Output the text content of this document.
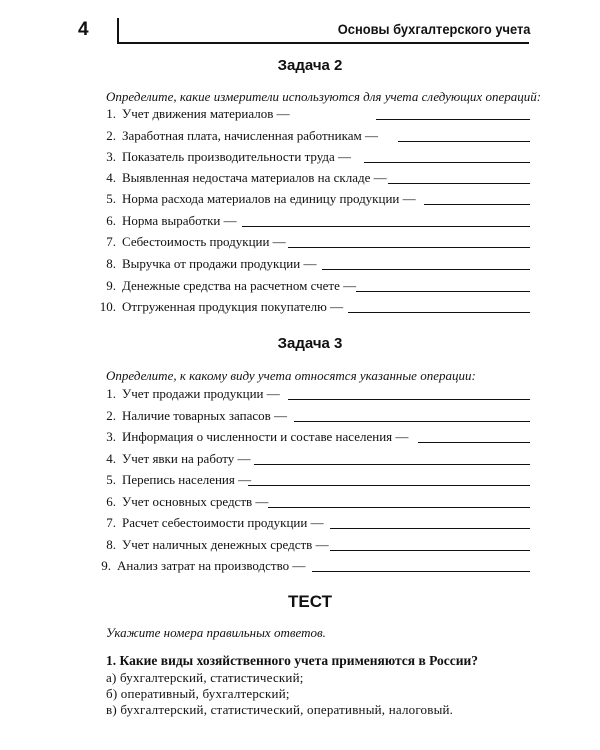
4	Основы бухгалтерского учета
Задача 2
Определите, какие измерители используются для учета следующих операций:
1. Учет движения материалов —
2. Заработная плата, начисленная работникам —
3. Показатель производительности труда —
4. Выявленная недостача материалов на складе —
5. Норма расхода материалов на единицу продукции —
6. Норма выработки —
7. Себестоимость продукции —
8. Выручка от продажи продукции —
9. Денежные средства на расчетном счете —
10. Отгруженная продукция покупателю —
Задача 3
Определите, к какому виду учета относятся указанные операции:
1. Учет продажи продукции —
2. Наличие товарных запасов —
3. Информация о численности и составе населения —
4. Учет явки на работу —
5. Перепись населения —
6. Учет основных средств —
7. Расчет себестоимости продукции —
8. Учет наличных денежных средств —
9. Анализ затрат на производство —
ТЕСТ
Укажите номера правильных ответов.
1. Какие виды хозяйственного учета применяются в России?
а) бухгалтерский, статистический;
б) оперативный, бухгалтерский;
в) бухгалтерский, статистический, оперативный, налоговый.
